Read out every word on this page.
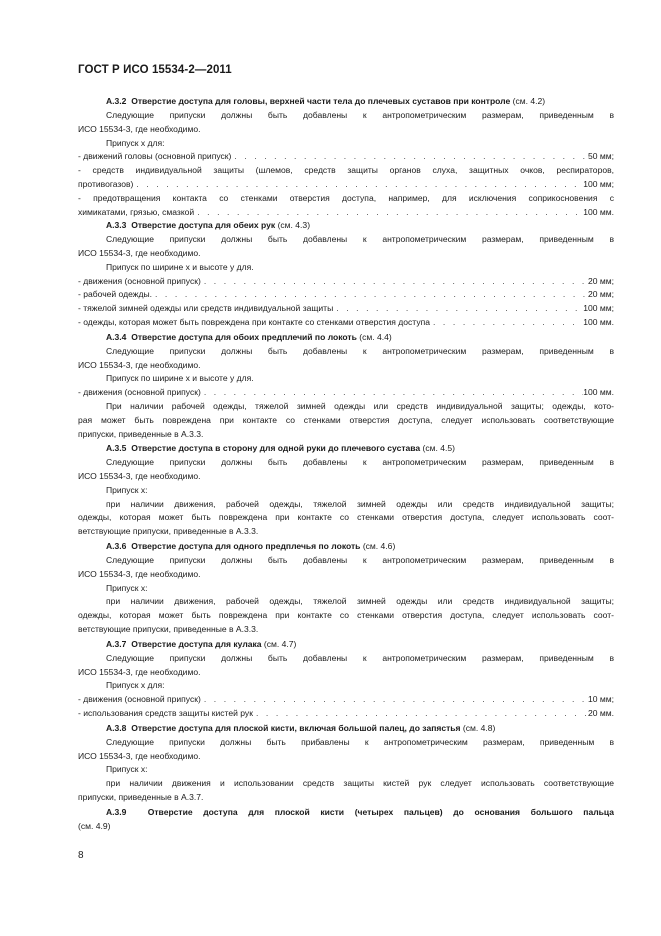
ГОСТ Р ИСО 15534-2—2011
А.3.2 Отверстие доступа для головы, верхней части тела до плечевых суставов при контроле (см. 4.2)
Следующие припуски должны быть добавлены к антропометрическим размерам, приведенным в
ИСО 15534-3, где необходимо.
Припуск x для:
- движений головы (основной припуск) . . .	50 мм;
- средств индивидуальной защиты (шлемов, средств защиты органов слуха, защитных очков, респираторов,
противогазов) . . .	100 мм;
- предотвращения контакта со стенками отверстия доступа, например, для исключения соприкосновения с
химикатами, грязью, смазкой . . .	100 мм.
А.3.3 Отверстие доступа для обеих рук (см. 4.3)
Следующие припуски должны быть добавлены к антропометрическим размерам, приведенным в
ИСО 15534-3, где необходимо.
Припуск по ширине x и высоте y для.
- движения (основной припуск) . . .	20 мм;
- рабочей одежды. . . .	20 мм;
- тяжелой зимней одежды или средств индивидуальной защиты . . .	100 мм;
- одежды, которая может быть повреждена при контакте со стенками отверстия доступа . . .	100 мм.
А.3.4 Отверстие доступа для обоих предплечий по локоть (см. 4.4)
Следующие припуски должны быть добавлены к антропометрическим размерам, приведенным в
ИСО 15534-3, где необходимо.
Припуск по ширине x и высоте y для.
- движения (основной припуск) . . .	100 мм.
При наличии рабочей одежды, тяжелой зимней одежды или средств индивидуальной защиты; одежды, кото-
рая может быть повреждена при контакте со стенками отверстия доступа, следует использовать соответствующие
припуски, приведенные в А.3.3.
А.3.5 Отверстие доступа в сторону для одной руки до плечевого сустава (см. 4.5)
Следующие припуски должны быть добавлены к антропометрическим размерам, приведенным в
ИСО 15534-3, где необходимо.
Припуск x:
при наличии движения, рабочей одежды, тяжелой зимней одежды или средств индивидуальной защиты;
одежды, которая может быть повреждена при контакте со стенками отверстия доступа, следует использовать соот-
ветствующие припуски, приведенные в А.3.3.
А.3.6 Отверстие доступа для одного предплечья по локоть (см. 4.6)
Следующие припуски должны быть добавлены к антропометрическим размерам, приведенным в
ИСО 15534-3, где необходимо.
Припуск x:
при наличии движения, рабочей одежды, тяжелой зимней одежды или средств индивидуальной защиты;
одежды, которая может быть повреждена при контакте со стенками отверстия доступа, следует использовать соот-
ветствующие припуски, приведенные в А.3.3.
А.3.7 Отверстие доступа для кулака (см. 4.7)
Следующие припуски должны быть добавлены к антропометрическим размерам, приведенным в
ИСО 15534-3, где необходимо.
Припуск x для:
- движения (основной припуск) . . .	10 мм;
- использования средств защиты кистей рук . . .	20 мм.
А.3.8 Отверстие доступа для плоской кисти, включая большой палец, до запястья (см. 4.8)
Следующие припуски должны быть прибавлены к антропометрическим размерам, приведенным в
ИСО 15534-3, где необходимо.
Припуск x:
при наличии движения и использовании средств защиты кистей рук следует использовать соответствующие
припуски, приведенные в А.3.7.
А.3.9 Отверстие доступа для плоской кисти (четырех пальцев) до основания большого пальца
(см. 4.9)
8
